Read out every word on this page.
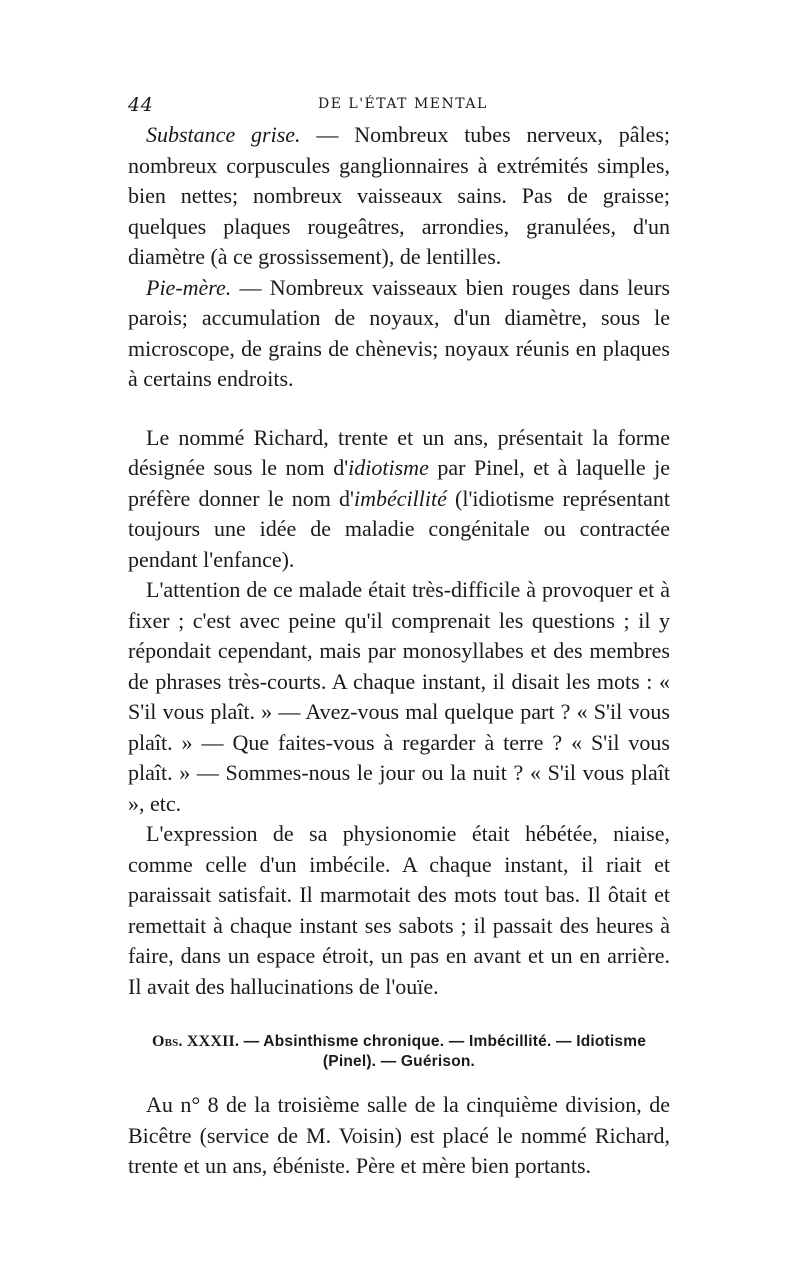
44	DE L'ÉTAT MENTAL

Substance grise. — Nombreux tubes nerveux, pâles; nombreux corpuscules ganglionnaires à extrémités simples, bien nettes; nombreux vaisseaux sains. Pas de graisse; quelques plaques rougeâtres, arrondies, granulées, d'un diamètre (à ce grossissement), de lentilles.

Pie-mère. — Nombreux vaisseaux bien rouges dans leurs parois; accumulation de noyaux, d'un diamètre, sous le microscope, de grains de chènevis; noyaux réunis en plaques à certains endroits.

Le nommé Richard, trente et un ans, présentait la forme désignée sous le nom d'idiotisme par Pinel, et à laquelle je préfère donner le nom d'imbécillité (l'idiotisme représentant toujours une idée de maladie congénitale ou contractée pendant l'enfance).

L'attention de ce malade était très-difficile à provoquer et à fixer ; c'est avec peine qu'il comprenait les questions ; il y répondait cependant, mais par monosyllabes et des membres de phrases très-courts. A chaque instant, il disait les mots : « S'il vous plaît. » — Avez-vous mal quelque part ? « S'il vous plaît. » — Que faites-vous à regarder à terre ? « S'il vous plaît. » — Sommes-nous le jour ou la nuit ? « S'il vous plaît », etc.

L'expression de sa physionomie était hébétée, niaise, comme celle d'un imbécile. A chaque instant, il riait et paraissait satisfait. Il marmotait des mots tout bas. Il ôtait et remettait à chaque instant ses sabots ; il passait des heures à faire, dans un espace étroit, un pas en avant et un en arrière. Il avait des hallucinations de l'ouïe.

Obs. XXXII. — Absinthisme chronique. — Imbécillité. — Idiotisme (Pinel). — Guérison.

Au n° 8 de la troisième salle de la cinquième division, de Bicêtre (service de M. Voisin) est placé le nommé Richard, trente et un ans, ébéniste. Père et mère bien portants.
